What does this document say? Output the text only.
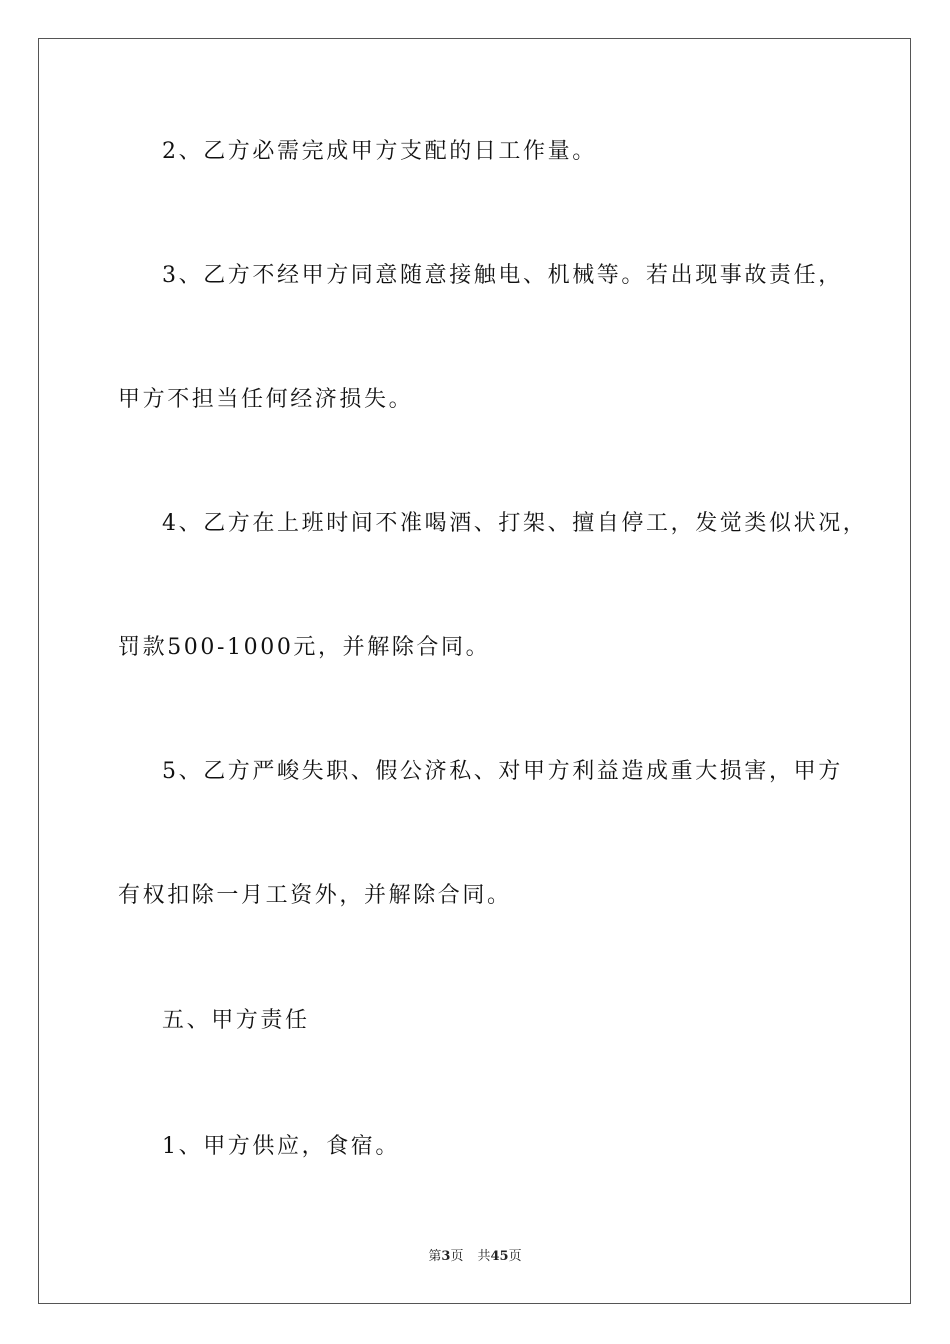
2、乙方必需完成甲方支配的日工作量。
3、乙方不经甲方同意随意接触电、机械等。若出现事故责任，
甲方不担当任何经济损失。
4、乙方在上班时间不准喝酒、打架、擅自停工，发觉类似状况，
罚款500-1000元，并解除合同。
5、乙方严峻失职、假公济私、对甲方利益造成重大损害，甲方
有权扣除一月工资外，并解除合同。
五、甲方责任
1、甲方供应，食宿。
第3页 共45页
